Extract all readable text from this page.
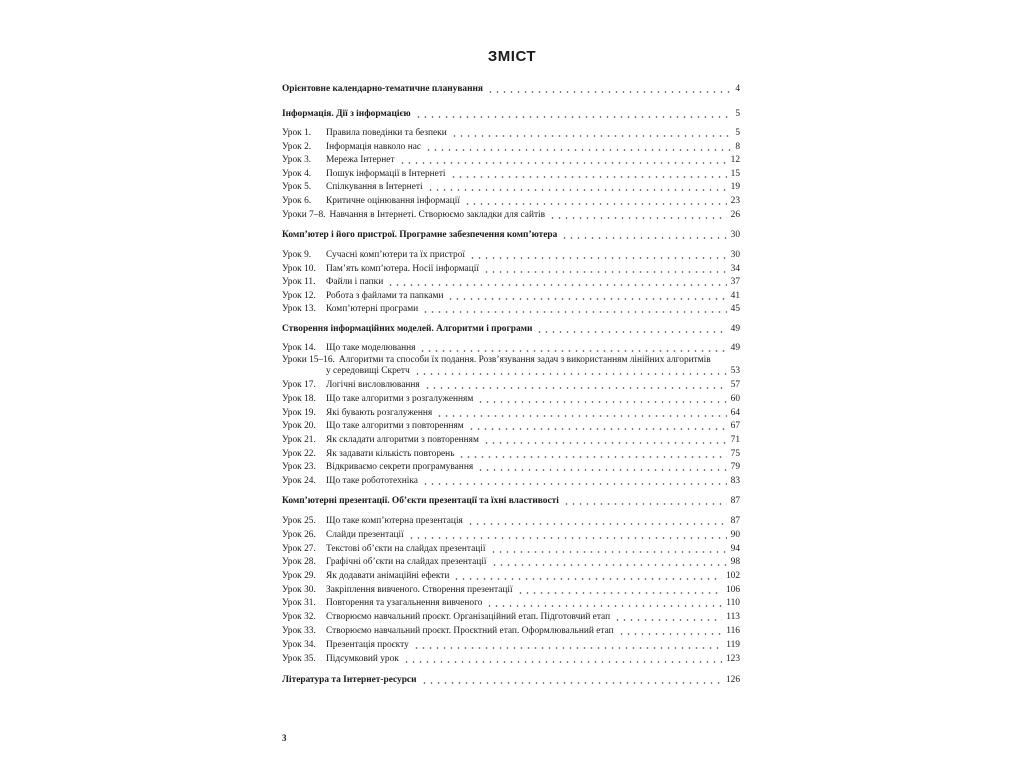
ЗМІСТ
Орієнтовне календарно-тематичне планування	4
Інформація. Дії з інформацією	5
Урок 1. Правила поведінки та безпеки	5
Урок 2. Інформація навколо нас	8
Урок 3. Мережа Інтернет	12
Урок 4. Пошук інформації в Інтернеті	15
Урок 5. Спілкування в Інтернеті	19
Урок 6. Критичне оцінювання інформації	23
Уроки 7–8. Навчання в Інтернеті. Створюємо закладки для сайтів	26
Комп’ютер і його пристрої. Програмне забезпечення комп’ютера	30
Урок 9. Сучасні комп’ютери та їх пристрої	30
Урок 10. Пам’ять комп’ютера. Носії інформації	34
Урок 11. Файли і папки	37
Урок 12. Робота з файлами та папками	41
Урок 13. Комп’ютерні програми	45
Створення інформаційних моделей. Алгоритми і програми	49
Урок 14. Що таке моделювання	49
Уроки 15–16. Алгоритми та способи їх подання. Розв’язування задач з використанням лінійних алгоритмів
у середовищі Скретч	53
Урок 17. Логічні висловлювання	57
Урок 18. Що таке алгоритми з розгалуженням	60
Урок 19. Які бувають розгалуження	64
Урок 20. Що таке алгоритми з повторенням	67
Урок 21. Як складати алгоритми з повторенням	71
Урок 22. Як задавати кількість повторень	75
Урок 23. Відкриваємо секрети програмування	79
Урок 24. Що таке робототехніка	83
Комп’ютерні презентації. Об’єкти презентації та їхні властивості	87
Урок 25. Що таке комп’ютерна презентація	87
Урок 26. Слайди презентації	90
Урок 27. Текстові об’єкти на слайдах презентації	94
Урок 28. Графічні об’єкти на слайдах презентації	98
Урок 29. Як додавати анімаційні ефекти	102
Урок 30. Закріплення вивченого. Створення презентації	106
Урок 31. Повторення та узагальнення вивченого	110
Урок 32. Створюємо навчальний проєкт. Організаційний етап. Підготовчий етап	113
Урок 33. Створюємо навчальний проєкт. Проєктний етап. Оформлювальний етап	116
Урок 34. Презентація проєкту	119
Урок 35. Підсумковий урок	123
Література та Інтернет-ресурси	126
3
